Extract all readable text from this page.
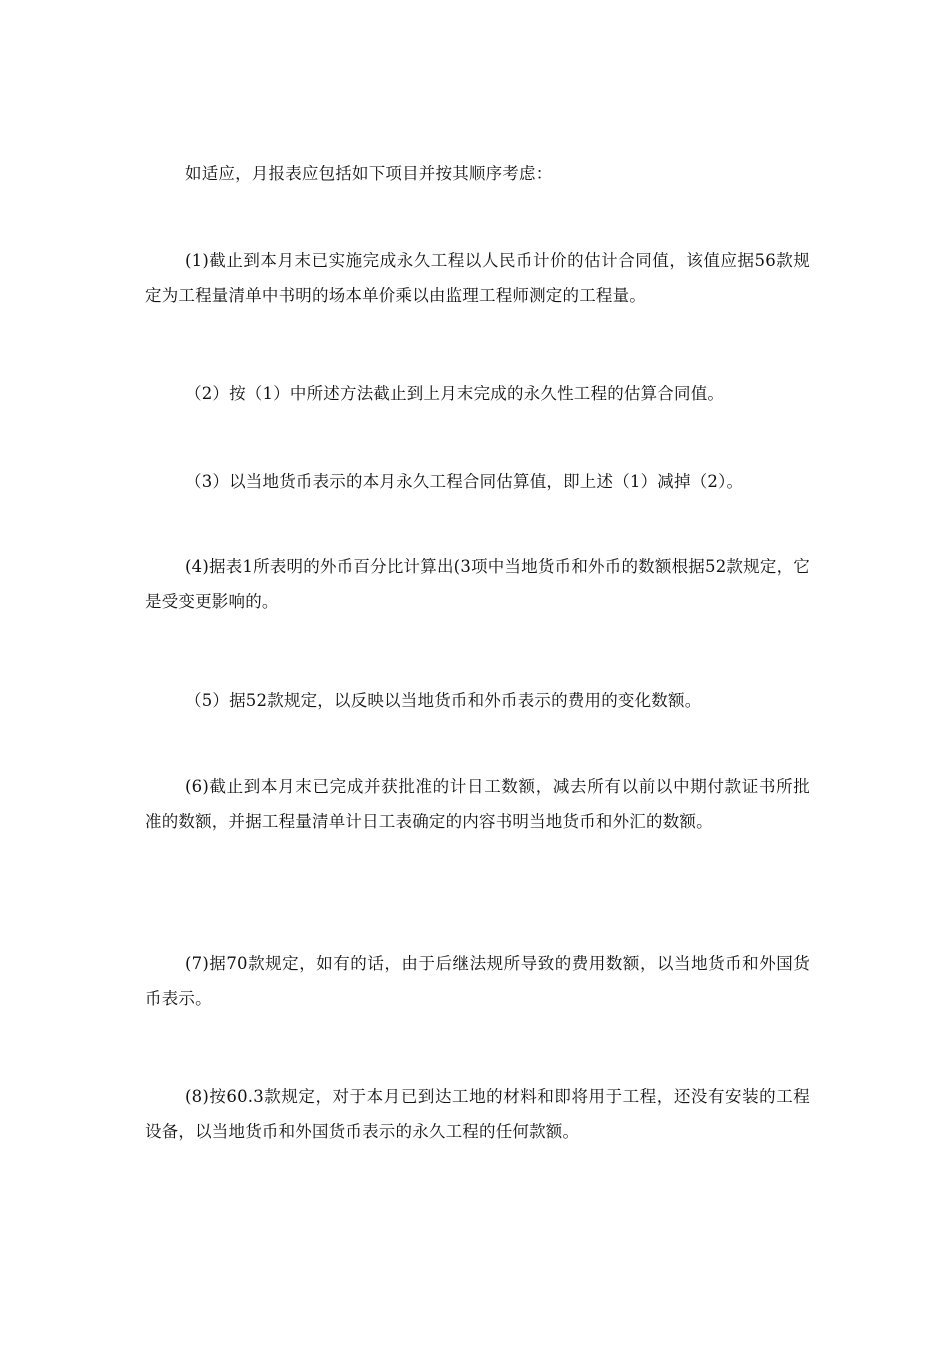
如适应，月报表应包括如下项目并按其顺序考虑：

(1)截止到本月末已实施完成永久工程以人民币计价的估计合同值，该值应据56款规定为工程量清单中书明的场本单价乘以由监理工程师测定的工程量。

（2）按（1）中所述方法截止到上月末完成的永久性工程的估算合同值。

（3）以当地货币表示的本月永久工程合同估算值，即上述（1）减掉（2）。

(4)据表1所表明的外币百分比计算出(3项中当地货币和外币的数额根据52款规定，它是受变更影响的。

（5）据52款规定，以反映以当地货币和外币表示的费用的变化数额。

(6)截止到本月末已完成并获批准的计日工数额，减去所有以前以中期付款证书所批准的数额，并据工程量清单计日工表确定的内容书明当地货币和外汇的数额。

(7)据70款规定，如有的话，由于后继法规所导致的费用数额，以当地货币和外国货币表示。

(8)按60.3款规定，对于本月已到达工地的材料和即将用于工程，还没有安装的工程设备，以当地货币和外国货币表示的永久工程的任何款额。
